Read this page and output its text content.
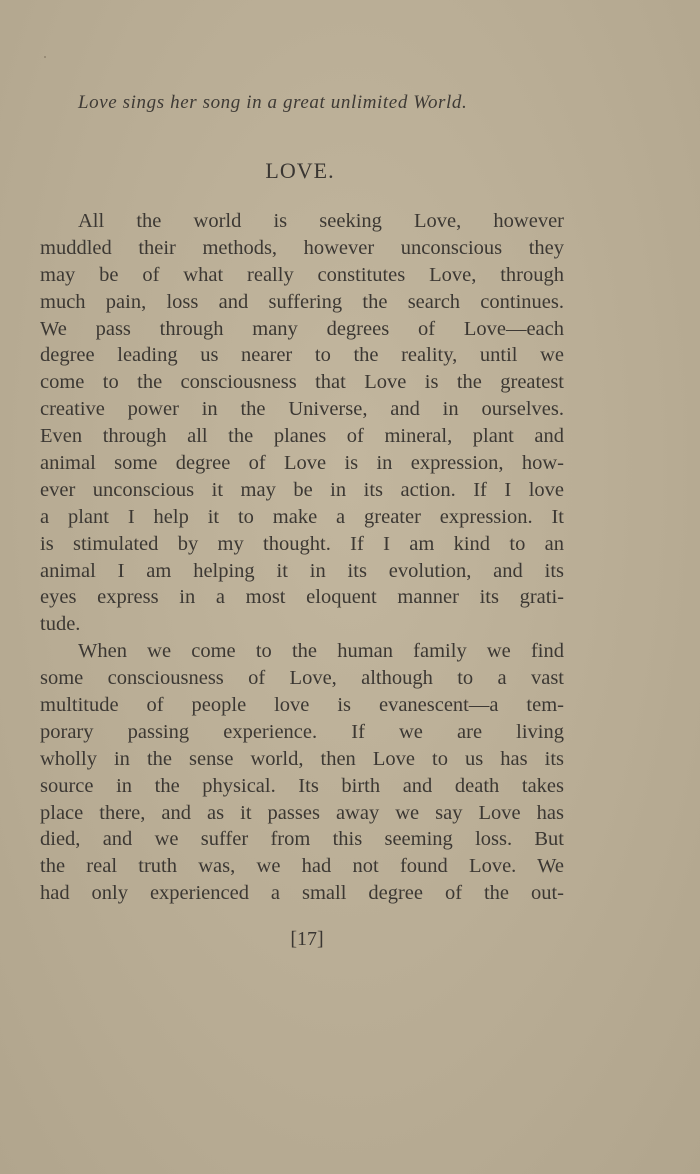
Love sings her song in a great unlimited World.
LOVE.
All the world is seeking Love, however
muddled their methods, however unconscious they
may be of what really constitutes Love, through
much pain, loss and suffering the search continues.
We pass through many degrees of Love—each
degree leading us nearer to the reality, until we
come to the consciousness that Love is the greatest
creative power in the Universe, and in ourselves.
Even through all the planes of mineral, plant and
animal some degree of Love is in expression, how-
ever unconscious it may be in its action. If I love
a plant I help it to make a greater expression. It
is stimulated by my thought. If I am kind to an
animal I am helping it in its evolution, and its
eyes express in a most eloquent manner its grati-
tude.
When we come to the human family we find
some consciousness of Love, although to a vast
multitude of people love is evanescent—a tem-
porary passing experience. If we are living
wholly in the sense world, then Love to us has its
source in the physical. Its birth and death takes
place there, and as it passes away we say Love has
died, and we suffer from this seeming loss. But
the real truth was, we had not found Love. We
had only experienced a small degree of the out-
[17]
